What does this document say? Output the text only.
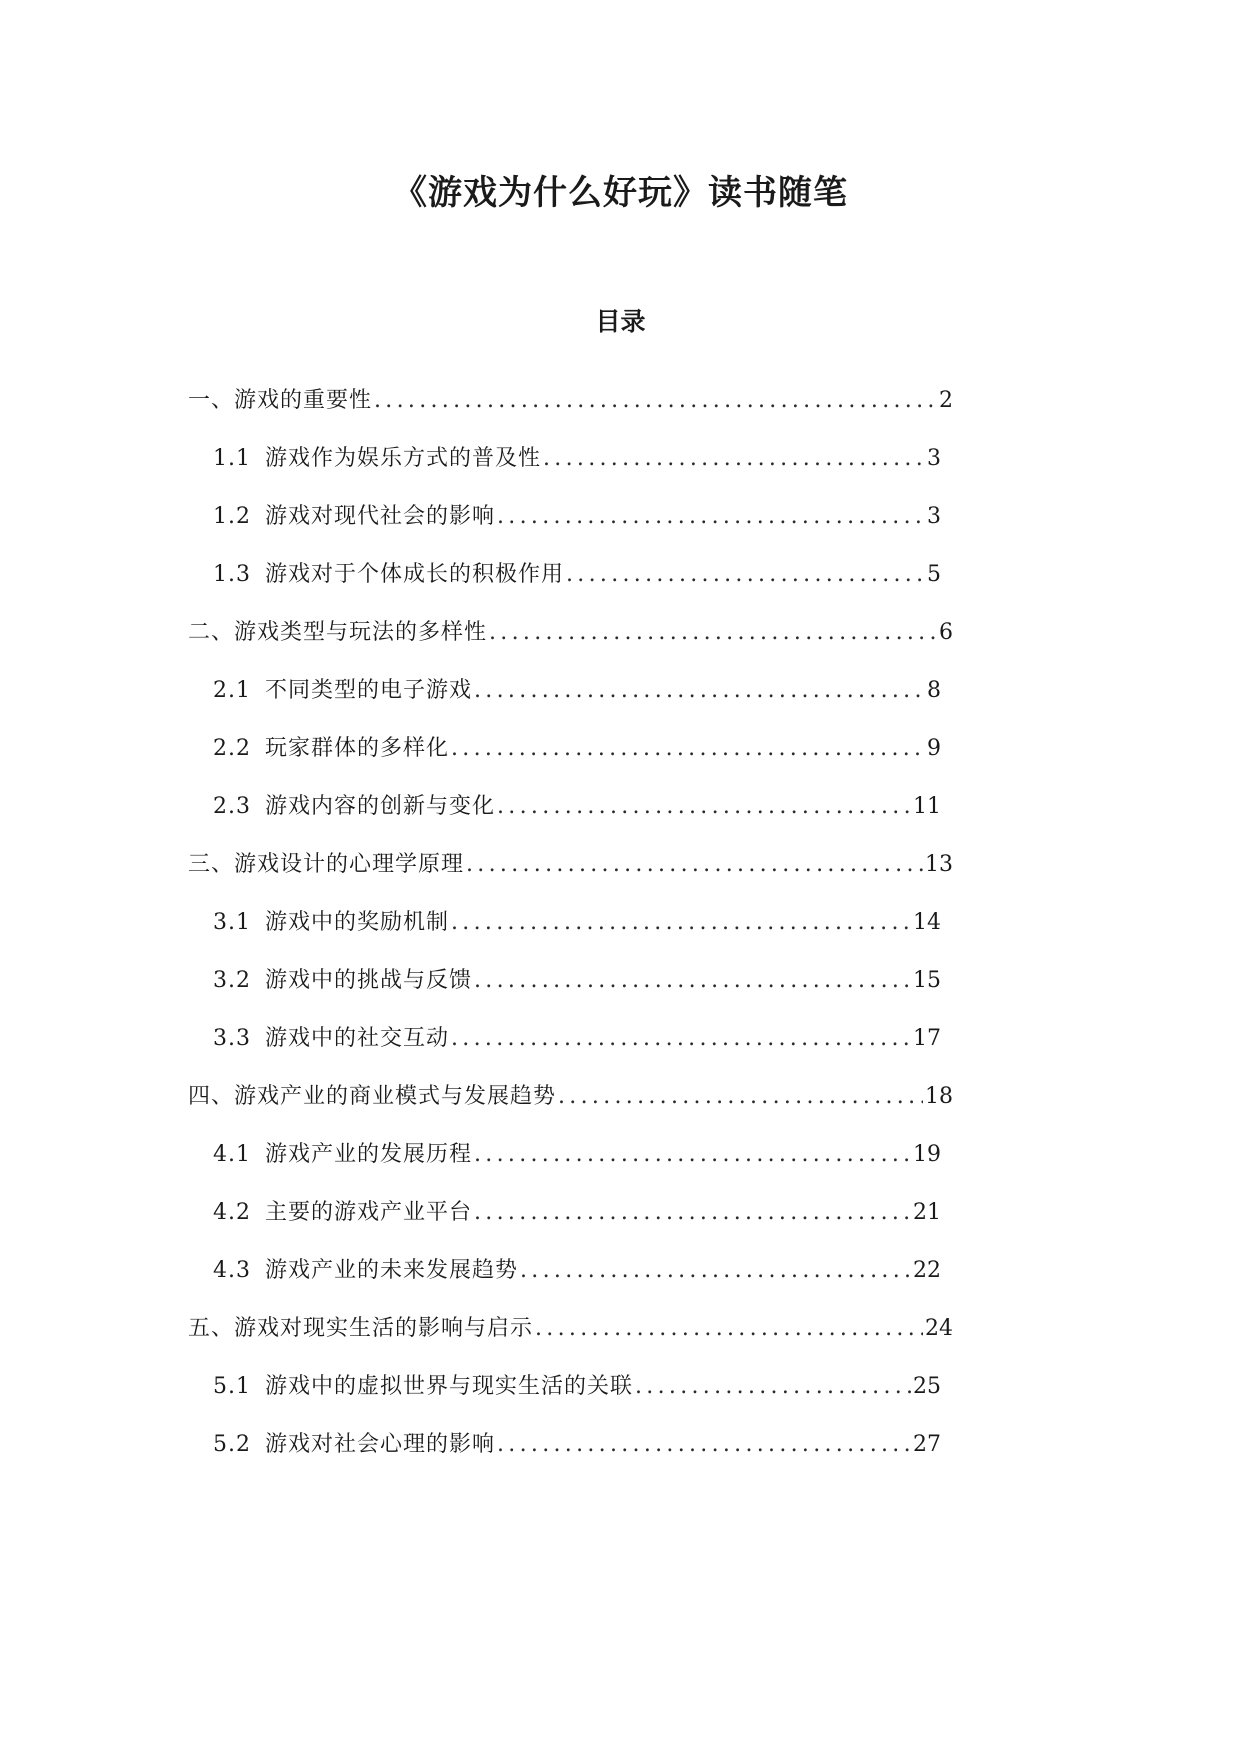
《游戏为什么好玩》读书随笔
目录
一、游戏的重要性 .....	2
1.1 游戏作为娱乐方式的普及性 .....	3
1.2 游戏对现代社会的影响 .....	3
1.3 游戏对于个体成长的积极作用 .....	5
二、游戏类型与玩法的多样性 .....	6
2.1 不同类型的电子游戏 .....	8
2.2 玩家群体的多样化 .....	9
2.3 游戏内容的创新与变化 .....	11
三、游戏设计的心理学原理 .....	13
3.1 游戏中的奖励机制 .....	14
3.2 游戏中的挑战与反馈 .....	15
3.3 游戏中的社交互动 .....	17
四、游戏产业的商业模式与发展趋势 .....	18
4.1 游戏产业的发展历程 .....	19
4.2 主要的游戏产业平台 .....	21
4.3 游戏产业的未来发展趋势 .....	22
五、游戏对现实生活的影响与启示 .....	24
5.1 游戏中的虚拟世界与现实生活的关联 .....	25
5.2 游戏对社会心理的影响 .....	27
